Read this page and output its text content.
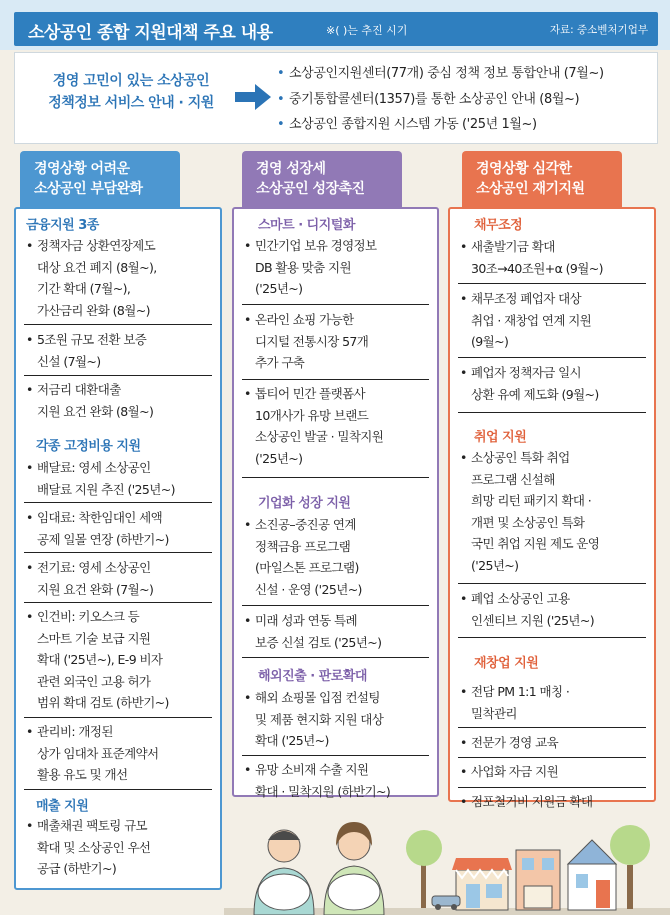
소상공인 종합 지원대책 주요 내용	※( )는 추진 시기	자료: 중소벤처기업부
경영 고민이 있는 소상공인
정책정보 서비스 안내 · 지원
• 소상공인지원센터(77개) 중심 정책 정보 통합안내 (7월~)
• 중기통합콜센터(1357)를 통한 소상공인 안내 (8월~)
• 소상공인 종합지원 시스템 가동 ('25년 1월~)
경영상황 어려운
소상공인 부담완화
경영 성장세
소상공인 성장촉진
경영상황 심각한
소상공인 재기지원
금융지원 3종
• 정책자금 상환연장제도
대상 요건 폐지 (8월~),
기간 확대 (7월~),
가산금리 완화 (8월~)
• 5조원 규모 전환 보증
신설 (7월~)
• 저금리 대환대출
지원 요건 완화 (8월~)
각종 고정비용 지원
• 배달료: 영세 소상공인
배달료 지원 추진 ('25년~)
• 임대료: 착한임대인 세액
공제 일몰 연장 (하반기~)
• 전기료: 영세 소상공인
지원 요건 완화 (7월~)
• 인건비: 키오스크 등
스마트 기술 보급 지원
확대 ('25년~), E-9 비자
관련 외국인 고용 허가
범위 확대 검토 (하반기~)
• 관리비: 개정된
상가 임대차 표준계약서
활용 유도 및 개선
매출 지원
• 매출채권 팩토링 규모
확대 및 소상공인 우선
공급 (하반기~)
스마트 · 디지털화
• 민간기업 보유 경영정보
DB 활용 맞춤 지원
('25년~)
• 온라인 쇼핑 가능한
디지털 전통시장 57개
추가 구축
• 톱티어 민간 플랫폼사
10개사가 유망 브랜드
소상공인 발굴 · 밀착지원
('25년~)
기업화 성장 지원
• 소진공–중진공 연계
정책금융 프로그램
(마일스톤 프로그램)
신설 · 운영 ('25년~)
• 미래 성과 연동 특례
보증 신설 검토 ('25년~)
해외진출 · 판로확대
• 해외 쇼핑몰 입점 컨설팅
및 제품 현지화 지원 대상
확대 ('25년~)
• 유망 소비재 수출 지원
확대 · 밀착지원 (하반기~)
채무조정
• 새출발기금 확대
30조→40조원+α (9월~)
• 채무조정 폐업자 대상
취업 · 재창업 연계 지원
(9월~)
• 폐업자 정책자금 일시
상환 유예 제도화 (9월~)
취업 지원
• 소상공인 특화 취업
프로그램 신설해
희망 리턴 패키지 확대 ·
개편 및 소상공인 특화
국민 취업 지원 제도 운영
('25년~)
• 폐업 소상공인 고용
인센티브 지원 ('25년~)
재창업 지원
• 전담 PM 1:1 매칭 ·
밀착관리
• 전문가 경영 교육
• 사업화 자금 지원
• 점포철거비 지원금 확대
